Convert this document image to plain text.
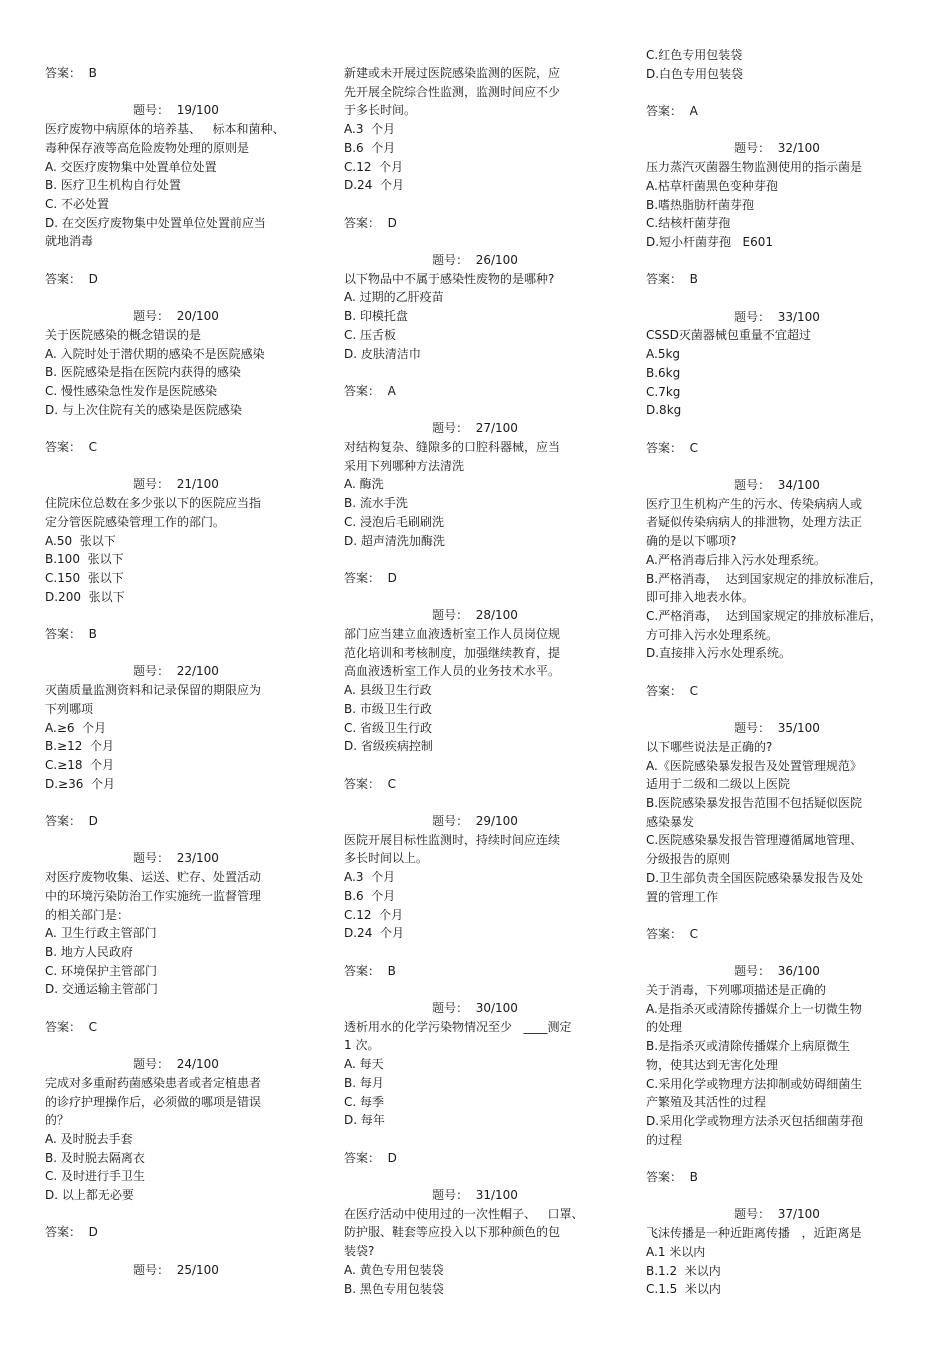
答案：  B

题号：  19/100

医疗废物中病原体的培养基、   标本和菌种、

毒种保存液等高危险废物处理的原则是

A. 交医疗废物集中处置单位处置

B. 医疗卫生机构自行处置

C. 不必处置

D. 在交医疗废物集中处置单位处置前应当

就地消毒

答案：  D

题号：  20/100

关于医院感染的概念错误的是

A. 入院时处于潜伏期的感染不是医院感染

B. 医院感染是指在医院内获得的感染

C. 慢性感染急性发作是医院感染

D. 与上次住院有关的感染是医院感染

答案：  C

题号：  21/100

住院床位总数在多少张以下的医院应当指

定分管医院感染管理工作的部门。

A.50  张以下

B.100  张以下

C.150  张以下

D.200  张以下

答案：  B

题号：  22/100

灭菌质量监测资料和记录保留的期限应为

下列哪项

A.≥6  个月

B.≥12  个月

C.≥18  个月

D.≥36  个月

答案：  D

题号：  23/100

对医疗废物收集、运送、贮存、处置活动

中的环境污染防治工作实施统一监督管理

的相关部门是：

A. 卫生行政主管部门

B. 地方人民政府

C. 环境保护主管部门

D. 交通运输主管部门

答案：  C

题号：  24/100

完成对多重耐药菌感染患者或者定植患者

的诊疗护理操作后，必须做的哪项是错误

的？

A. 及时脱去手套

B. 及时脱去隔离衣

C. 及时进行手卫生

D. 以上都无必要

答案：  D

题号：  25/100

新建或未开展过医院感染监测的医院，应

先开展全院综合性监测，监测时间应不少

于多长时间。

A.3  个月

B.6  个月

C.12  个月

D.24  个月

答案：  D

题号：  26/100

以下物品中不属于感染性废物的是哪种?

A. 过期的乙肝疫苗

B. 印模托盘

C. 压舌板

D. 皮肤清洁巾

答案：  A

题号：  27/100

对结构复杂、缝隙多的口腔科器械，应当

采用下列哪种方法清洗

A. 酶洗

B. 流水手洗

C. 浸泡后毛刷刷洗

D. 超声清洗加酶洗

答案：  D

题号：  28/100

部门应当建立血液透析室工作人员岗位规

范化培训和考核制度，加强继续教育，提

高血液透析室工作人员的业务技术水平。

A. 县级卫生行政

B. 市级卫生行政

C. 省级卫生行政

D. 省级疾病控制

答案：  C

题号：  29/100

医院开展目标性监测时，持续时间应连续

多长时间以上。

A.3  个月

B.6  个月

C.12  个月

D.24  个月

答案：  B

题号：  30/100

透析用水的化学污染物情况至少   ____测定

1 次。

A. 每天

B. 每月

C. 每季

D. 每年

答案：  D

题号：  31/100

在医疗活动中使用过的一次性帽子、   口罩、

防护服、鞋套等应投入以下那种颜色的包

装袋?

A. 黄色专用包装袋

B. 黑色专用包装袋

C.红色专用包装袋

D.白色专用包装袋

答案：  A

题号：  32/100

压力蒸汽灭菌器生物监测使用的指示菌是

A.枯草杆菌黑色变种芽孢

B.嗜热脂肪杆菌芽孢

C.结核杆菌芽孢

D.短小杆菌芽孢   E601

答案：  B

题号：  33/100

CSSD灭菌器械包重量不宜超过

A.5kg

B.6kg

C.7kg

D.8kg

答案：  C

题号：  34/100

医疗卫生机构产生的污水、传染病病人或

者疑似传染病病人的排泄物，处理方法正

确的是以下哪项?

A.严格消毒后排入污水处理系统。

B.严格消毒，  达到国家规定的排放标准后，

即可排入地表水体。

C.严格消毒，  达到国家规定的排放标准后，

方可排入污水处理系统。

D.直接排入污水处理系统。

答案：  C

题号：  35/100

以下哪些说法是正确的?

A.《医院感染暴发报告及处置管理规范》

适用于二级和二级以上医院

B.医院感染暴发报告范围不包括疑似医院

感染暴发

C.医院感染暴发报告管理遵循属地管理、

分级报告的原则

D.卫生部负责全国医院感染暴发报告及处

置的管理工作

答案：  C

题号：  36/100

关于消毒，下列哪项描述是正确的

A.是指杀灭或清除传播媒介上一切微生物

的处理

B.是指杀灭或清除传播媒介上病原微生

物，使其达到无害化处理

C.采用化学或物理方法抑制或妨碍细菌生

产繁殖及其活性的过程

D.采用化学或物理方法杀灭包括细菌芽孢

的过程

答案：  B

题号：  37/100

飞沫传播是一种近距离传播   ，近距离是

A.1 米以内

B.1.2  米以内

C.1.5  米以内
